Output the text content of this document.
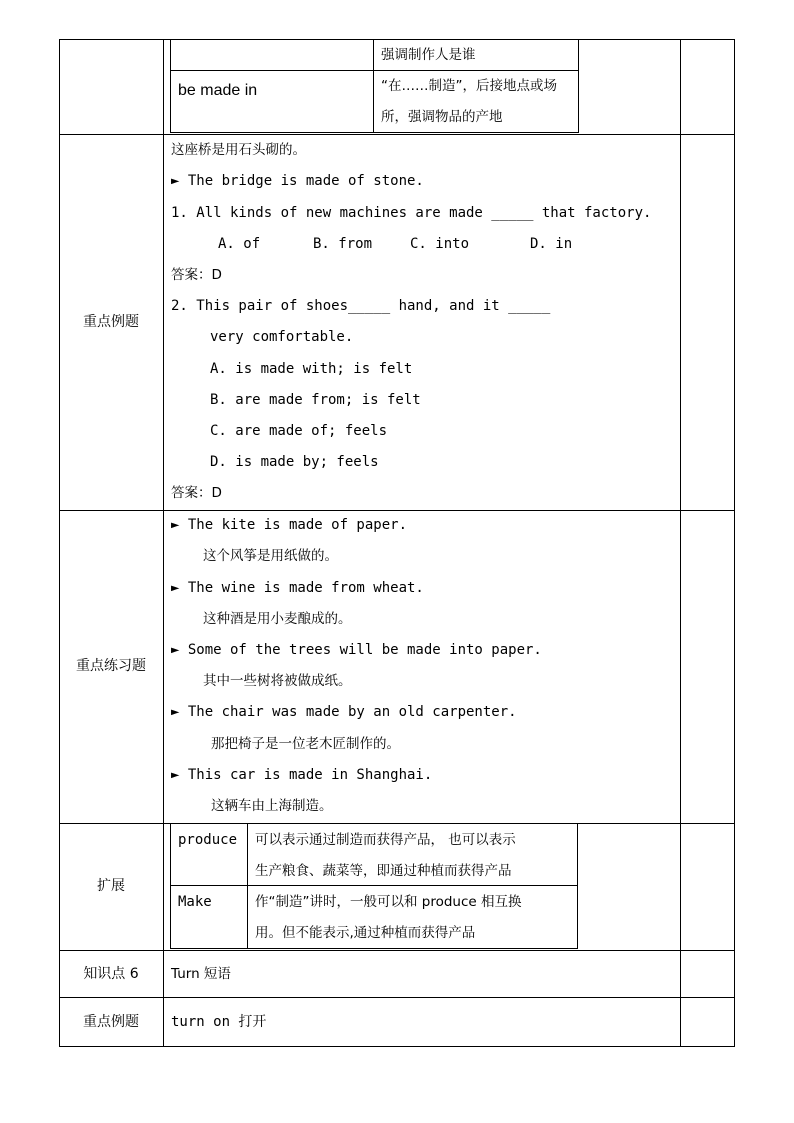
强调制作人是谁
be made in	“在……制造”，后接地点或场
所，强调物品的产地
重点例题
这座桥是用石头砌的。
► The bridge is made of stone.
1. All kinds of new machines are made _____ that factory.
A. of	B. from	C. into	D. in
答案：D
2. This pair of shoes_____ hand, and it _____
very comfortable.
A. is made with; is felt
B. are made from; is felt
C. are made of; feels
D. is made by; feels
答案：D
重点练习题
► The kite is made of paper.
这个风筝是用纸做的。
► The wine is made from wheat.
这种酒是用小麦酿成的。
► Some of the trees will be made into paper.
其中一些树将被做成纸。
► The chair was made by an old carpenter.
那把椅子是一位老木匠制作的。
► This car is made in Shanghai.
这辆车由上海制造。
扩展
produce 可以表示通过制造而获得产品， 也可以表示
生产粮食、蔬菜等，即通过种植而获得产品
Make	作“制造”讲时，一般可以和 produce 相互换
用。但不能表示,通过种植而获得产品
知识点 6	Turn 短语
重点例题	turn on 打开
